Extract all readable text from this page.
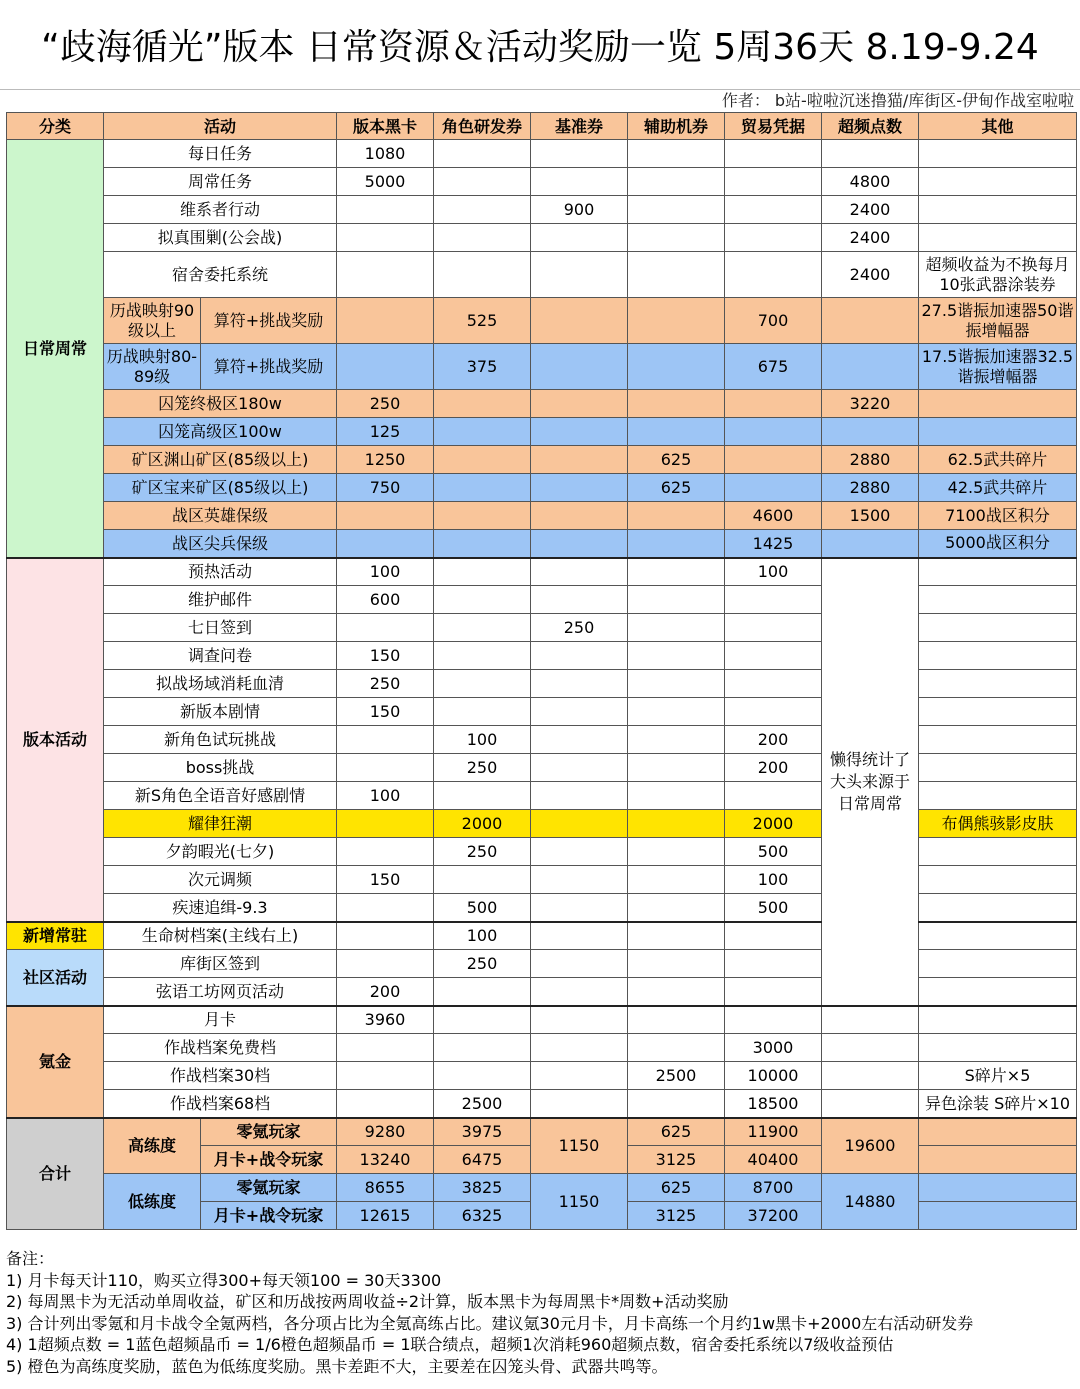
“歧海循光”版本 日常资源＆活动奖励一览 5周36天 8.19-9.24
作者： b站-啦啦沉迷撸猫/库街区-伊甸作战室啦啦
分类	活动		版本黑卡	角色研发券	基准券	辅助机券	贸易凭据	超频点数	其他
日常周常	每日任务		1080						
	周常任务		5000					4800	
	维系者行动				900			2400	
	拟真围剿(公会战)							2400	
	宿舍委托系统							2400	超频收益为不换每月10张武器涂装券
	历战映射90级以上	算符+挑战奖励		525			700		27.5谐振加速器50谐振增幅器
	历战映射80-89级	算符+挑战奖励		375			675		17.5谐振加速器32.5谐振增幅器
	囚笼终极区180w		250					3220	
	囚笼高级区100w		125						
	矿区渊山矿区(85级以上)		1250			625		2880	62.5武共碎片
	矿区宝来矿区(85级以上)		750			625		2880	42.5武共碎片
	战区英雄保级						4600	1500	7100战区积分
	战区尖兵保级						1425		5000战区积分
版本活动	预热活动		100				100	懒得统计了大头来源于日常周常	
	维护邮件		600						
	七日签到				250				
	调查问卷		150						
	拟战场域消耗血清		250						
	新版本剧情		150						
	新角色试玩挑战			100			200		
	boss挑战			250			200		
	新S角色全语音好感剧情		100						
	耀律狂潮			2000			2000		布偶熊骇影皮肤
	夕韵暇光(七夕)			250			500		
	次元调频		150				100		
	疾速追缉-9.3			500			500		
新增常驻	生命树档案(主线右上)			100					
社区活动	库街区签到			250					
	弦语工坊网页活动		200						
氪金	月卡		3960						
	作战档案免费档						3000		
	作战档案30档					2500	10000		S碎片×5
	作战档案68档			2500			18500		异色涂装 S碎片×10
合计	高练度	零氪玩家	9280	3975	1150	625	11900	19600	
		月卡+战令玩家	13240	6475		3125	40400		
	低练度	零氪玩家	8655	3825	1150	625	8700	14880	
		月卡+战令玩家	12615	6325		3125	37200		
备注：
1) 月卡每天计110，购买立得300+每天领100 = 30天3300
2) 每周黑卡为无活动单周收益，矿区和历战按两周收益÷2计算，版本黑卡为每周黑卡*周数+活动奖励
3) 合计列出零氪和月卡战令全氪两档，各分项占比为全氪高练占比。建议氪30元月卡，月卡高练一个月约1w黑卡+2000左右活动研发券
4) 1超频点数 = 1蓝色超频晶币 = 1/6橙色超频晶币 = 1联合绩点，超频1次消耗960超频点数，宿舍委托系统以7级收益预估
5) 橙色为高练度奖励，蓝色为低练度奖励。黑卡差距不大，主要差在囚笼头骨、武器共鸣等。
